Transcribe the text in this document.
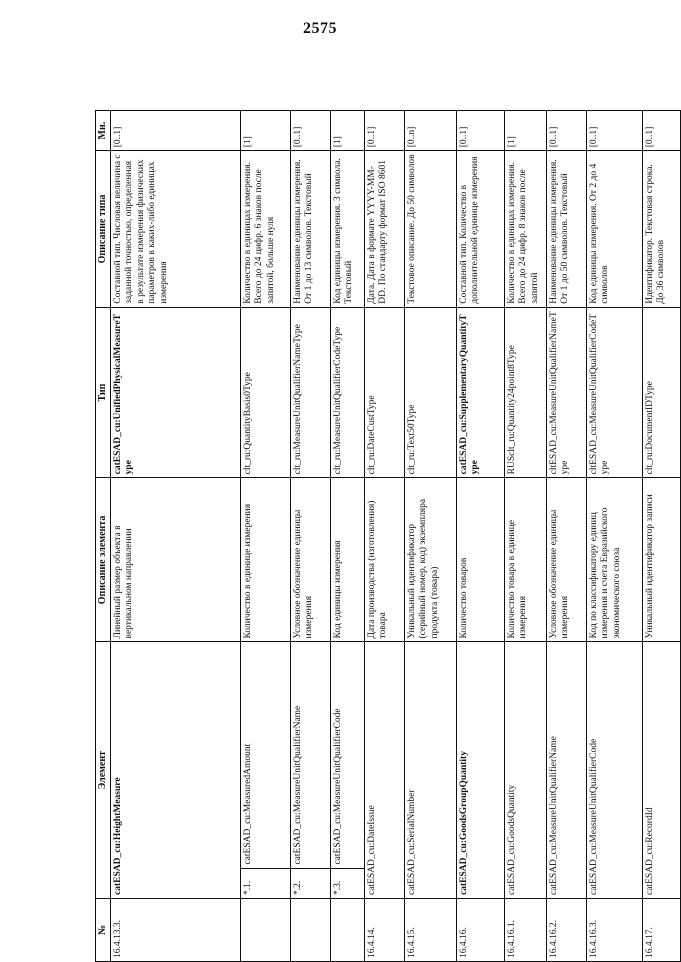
2575
№	Элемент		Описание элемента	Тип	Описание типа	Мн.
16.4.13.3.	catESAD_cu:HeightMeasure		Линейный размер объекта в вертикальном направлении	catESAD_cu:UnifiedPhysicalMeasureType	Составной тип. Числовая величина с заданной точностью, определенная в результате измерения физических параметров в каких-либо единицах измерения	[0..1]
	*.1.	catESAD_cu:MeasuredAmount	Количество в единице измерения	clt_ru:QuantityBasis0Type	Количество в единицах измерения. Всего до 24 цифр. 6 знаков после запятой, больше нуля	[1]
	*.2.	catESAD_cu:MeasureUnitQualifierName	Условное обозначение единицы измерения	clt_ru:MeasureUnitQualifierNameType	Наименование единицы измерения. От 1 до 13 символов. Текстовый	[0..1]
	*.3.	catESAD_cu:MeasureUnitQualifierCode	Код единицы измерения	clt_ru:MeasureUnitQualifierCodeType	Код единицы измерения. 3 символа. Текстовый	[1]
16.4.14.	catESAD_cu:DateIssue		Дата производства (изготовления) товара	clt_ru:DateCustType	Дата. Дата в формате YYYY-MM-DD. По стандарту формат ISO 8601	[0..1]
16.4.15.	catESAD_cu:SerialNumber		Уникальный идентификатор (серийный номер, код) экземпляра продукта (товара)	clt_ru:Text50Type	Текстовое описание. До 50 символов	[0..n]
16.4.16.	catESAD_cu:GoodsGroupQuantity		Количество товаров	catESAD_cu:SupplementaryQuantityType	Составной тип. Количество в дополнительной единице измерения	[0..1]
16.4.16.1.	catESAD_cu:GoodsQuantity		Количество товара в единице измерения	RUSclt_ru:Quantity24point8Type	Количество в единицах измерения. Всего до 24 цифр. 8 знаков после запятой	[1]
16.4.16.2.	catESAD_cu:MeasureUnitQualifierName		Условное обозначение единицы измерения	cltESAD_cu:MeasureUnitQualifierNameType	Наименование единицы измерения. От 1 до 50 символов. Текстовый	[0..1]
16.4.16.3.	catESAD_cu:MeasureUnitQualifierCode		Код по классификатору единиц измерения и счета Евразийского экономического союза	cltESAD_cu:MeasureUnitQualifierCodeType	Код единицы измерения. От 2 до 4 символов	[0..1]
16.4.17.	catESAD_cu:RecordId		Уникальный идентификатор записи	clt_ru:DocumentIDType	Идентификатор. Текстовая строка. До 36 символов	[0..1]
